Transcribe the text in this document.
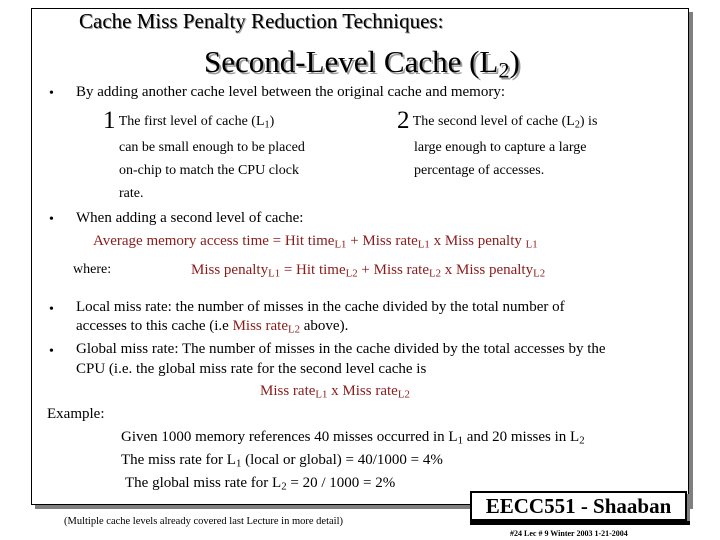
Cache Miss Penalty Reduction Techniques:
Second-Level Cache $(L_2)$
• By adding another cache level between the original cache and memory:
1 The first level of cache $(L_1)$
can be small enough to be placed
on-chip to match the CPU clock
rate.
2 The second level of cache $(L_2)$ is
large enough to capture a large
percentage of accesses.
• When adding a second level of cache:
Average memory access time = Hit time$_{L1}$ + Miss rate$_{L1}$ x Miss penalty $_{L1}$
where:	Miss penalty$_{L1}$ = Hit time$_{L2}$ + Miss rate$_{L2}$ x Miss penalty$_{L2}$
• Local miss rate: the number of misses in the cache divided by the total number of
accesses to this cache (i.e Miss rate$_{L2}$ above).
• Global miss rate: The number of misses in the cache divided by the total accesses by the
CPU (i.e. the global miss rate for the second level cache is
Miss rate$_{L1}$ x Miss rate$_{L2}$
Example:
Given 1000 memory references 40 misses occurred in $L_1$ and 20 misses in $L_2$
The miss rate for $L_1$ (local or global) = 40/1000 = 4%
The global miss rate for $L_2 = 20 / 1000 = 2\%$
(Multiple cache levels already covered last Lecture in more detail)
EECC551 - Shaaban
#24 Lec # 9 Winter 2003 1-21-2004
